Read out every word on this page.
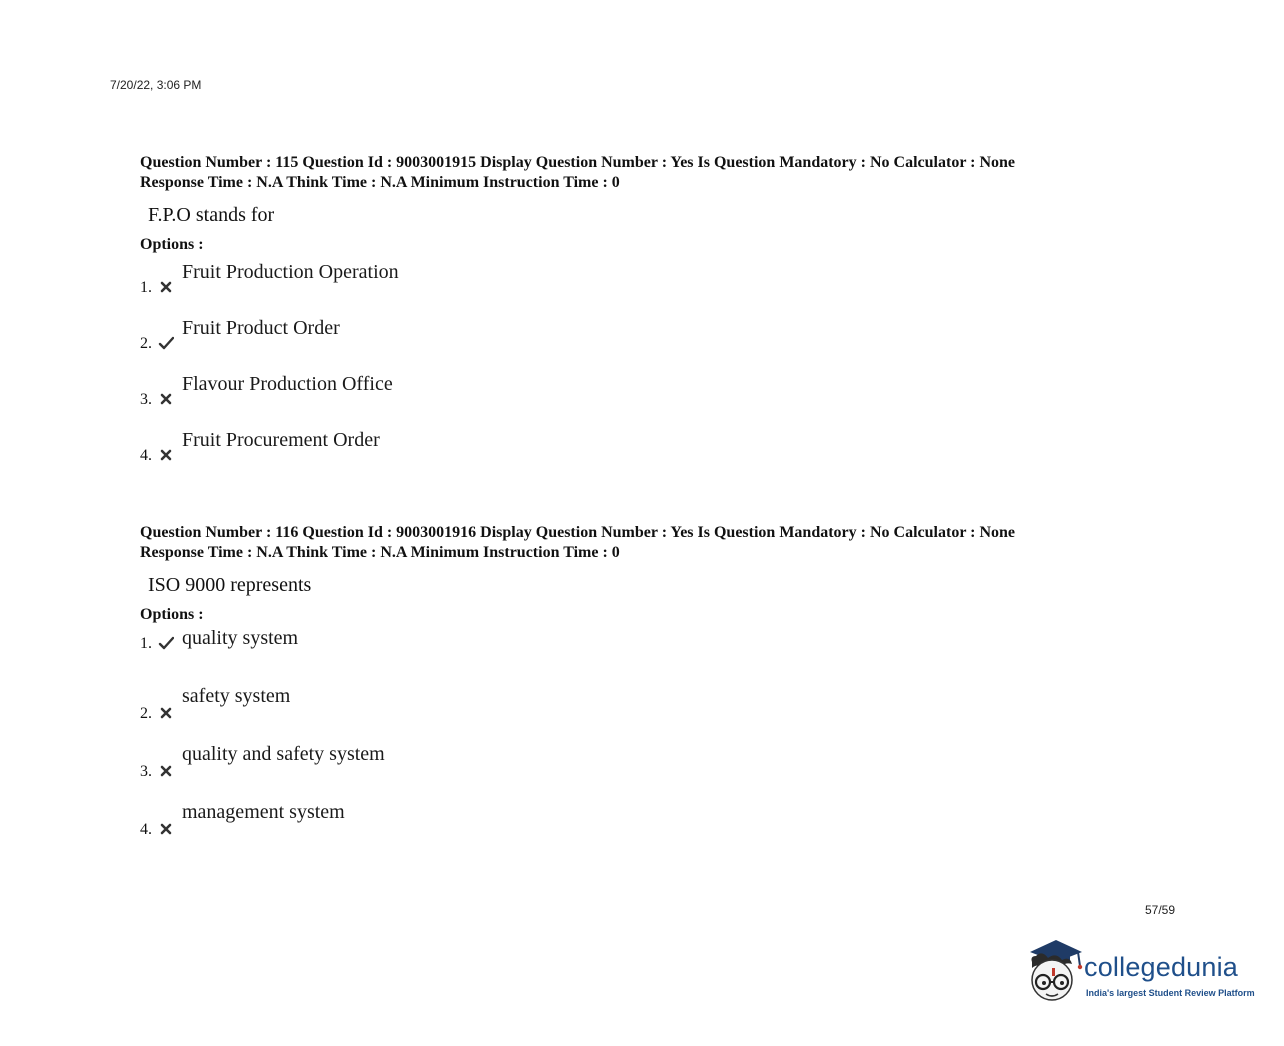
7/20/22, 3:06 PM
Question Number : 115 Question Id : 9003001915 Display Question Number : Yes Is Question Mandatory : No Calculator : None
Response Time : N.A Think Time : N.A Minimum Instruction Time : 0
F.P.O stands for
Options :
1.
Fruit Production Operation
2.
Fruit Product Order
3.
Flavour Production Office
4.
Fruit Procurement Order
Question Number : 116 Question Id : 9003001916 Display Question Number : Yes Is Question Mandatory : No Calculator : None
Response Time : N.A Think Time : N.A Minimum Instruction Time : 0
ISO 9000 represents
Options :
1. quality system
2.
safety system
3.
quality and safety system
4.
management system
57/59
collegedunia
India's largest Student Review Platform
